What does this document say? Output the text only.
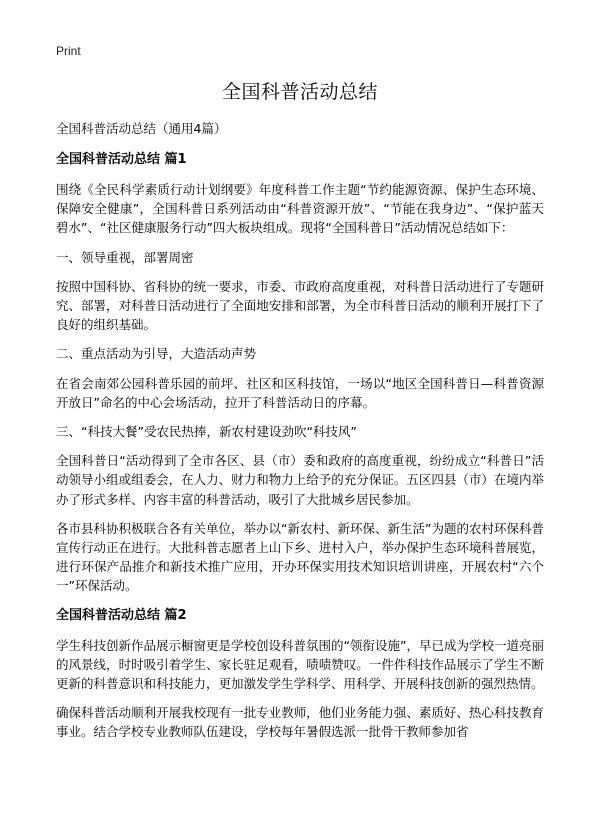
Print
全国科普活动总结
全国科普活动总结（通用4篇）
全国科普活动总结 篇1

围绕《全民科学素质行动计划纲要》年度科普工作主题“节约能源资源、保护生态环境、保障安全健康”，全国科普日系列活动由“科普资源开放”、“节能在我身边”、“保护蓝天碧水”、“社区健康服务行动”四大板块组成。现将“全国科普日”活动情况总结如下：

一、领导重视，部署周密

按照中国科协、省科协的统一要求，市委、市政府高度重视，对科普日活动进行了专题研究、部署，对科普日活动进行了全面地安排和部署，为全市科普日活动的顺利开展打下了良好的组织基础。

二、重点活动为引导，大造活动声势

在省会南郊公园科普乐园的前坪、社区和区科技馆，一场以“地区全国科普日—科普资源开放日”命名的中心会场活动，拉开了科普活动日的序幕。

三、“科技大餐”受农民热捧，新农村建设劲吹“科技风”

全国科普日“活动得到了全市各区、县（市）委和政府的高度重视，纷纷成立“科普日”活动领导小组或组委会，在人力、财力和物力上给予的充分保证。五区四县（市）在境内举办了形式多样、内容丰富的科普活动，吸引了大批城乡居民参加。

各市县科协积极联合各有关单位，举办以“新农村、新环保、新生活”为题的农村环保科普宣传行动正在进行。大批科普志愿者上山下乡、进村入户，举办保护生态环境科普展览，进行环保产品推介和新技术推广应用，开办环保实用技术知识培训讲座，开展农村“六个一”环保活动。

全国科普活动总结 篇2

学生科技创新作品展示橱窗更是学校创设科普氛围的“领衔设施”，早已成为学校一道亮丽的风景线，时时吸引着学生、家长驻足观看，啧啧赞叹。一件件科技作品展示了学生不断更新的科普意识和科技能力，更加激发学生学科学、用科学、开展科技创新的强烈热情。

确保科普活动顺利开展我校现有一批专业教师，他们业务能力强、素质好、热心科技教育事业。结合学校专业教师队伍建设，学校每年暑假选派一批骨干教师参加省
